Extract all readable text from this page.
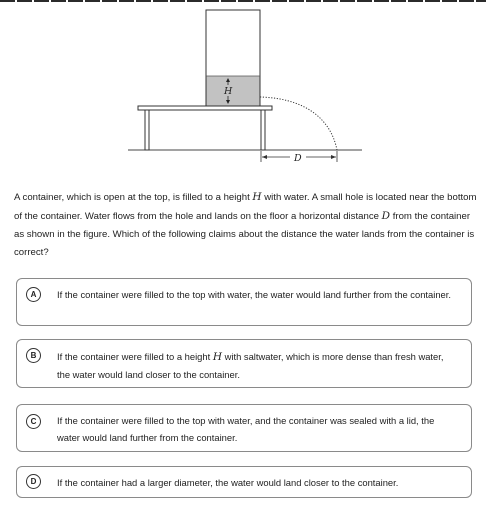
H
D
A container, which is open at the top, is filled to a height H with water. A small hole is located near the bottom of the container. Water flows from the hole and lands on the floor a horizontal distance D from the container as shown in the figure. Which of the following claims about the distance the water lands from the container is correct?
A	If the container were filled to the top with water, the water would land further from the container.
B	If the container were filled to a height H with saltwater, which is more dense than fresh water, the water would land closer to the container.
C	If the container were filled to the top with water, and the container was sealed with a lid, the water would land further from the container.
D	If the container had a larger diameter, the water would land closer to the container.
